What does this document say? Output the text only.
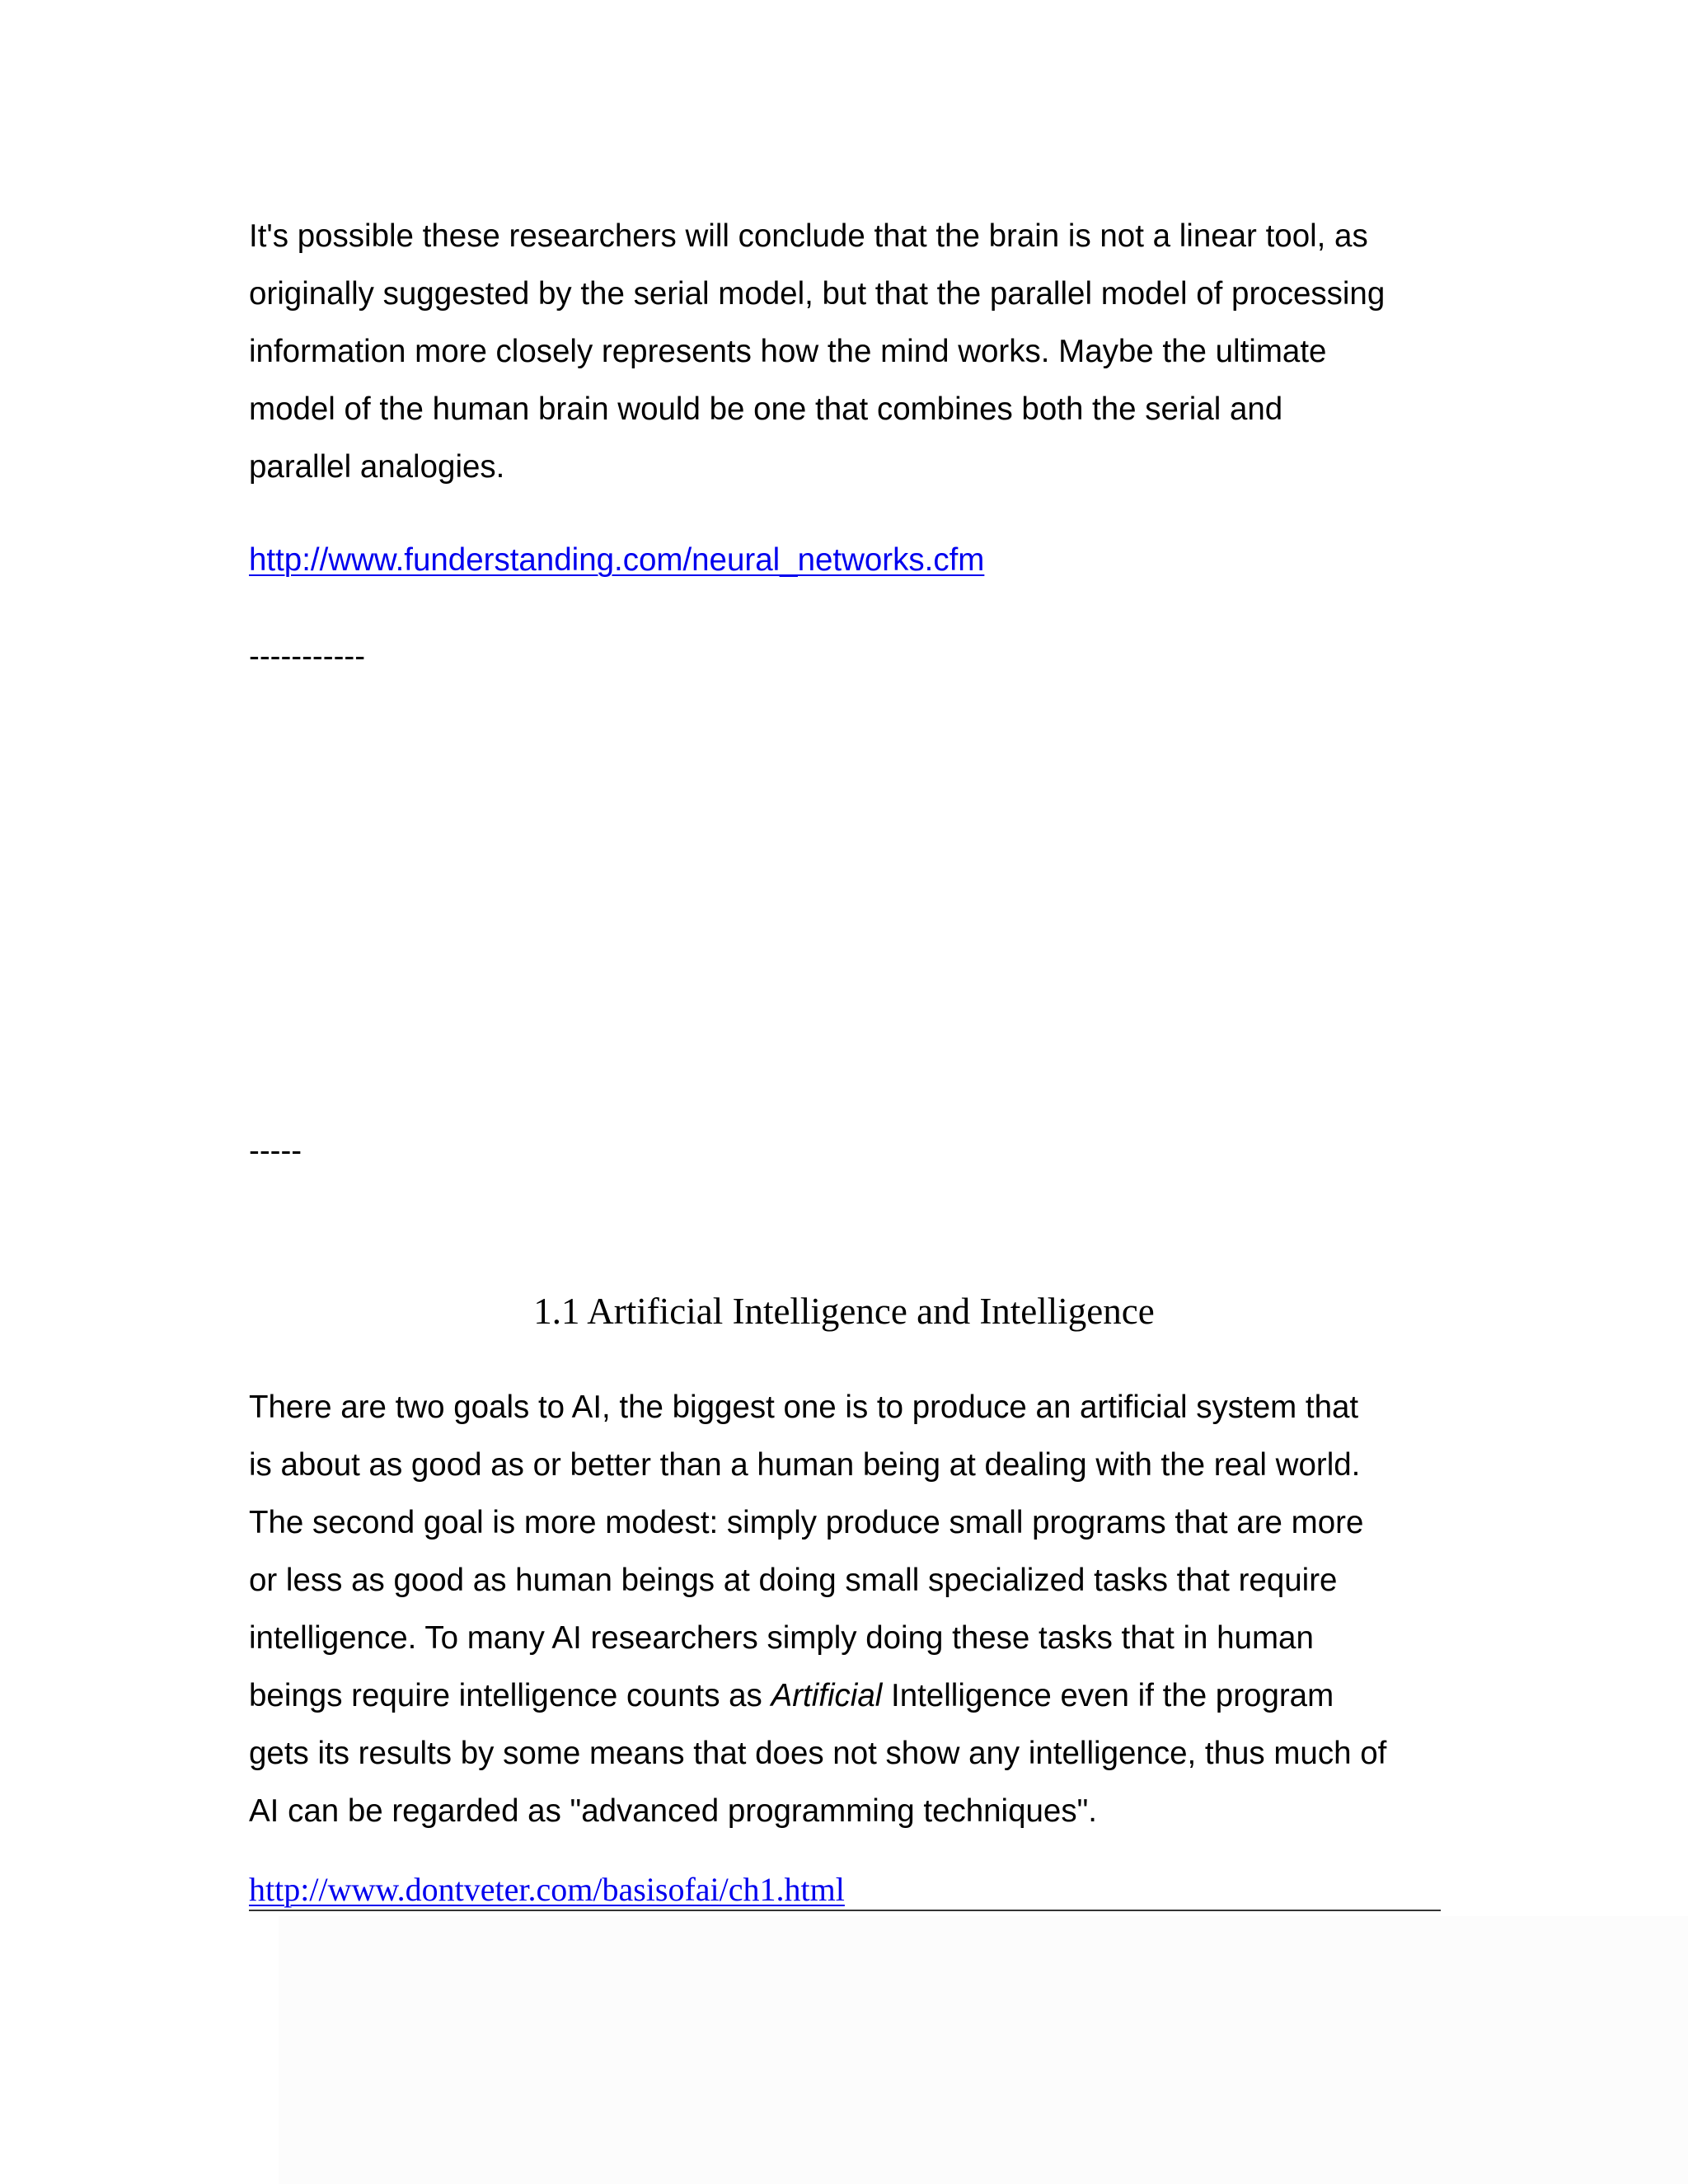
It's possible these researchers will conclude that the brain is not a linear tool, as
originally suggested by the serial model, but that the parallel model of processing
information more closely represents how the mind works. Maybe the ultimate
model of the human brain would be one that combines both the serial and
parallel analogies.

http://www.funderstanding.com/neural_networks.cfm
-----------
-----
1.1 Artificial Intelligence and Intelligence

There are two goals to AI, the biggest one is to produce an artificial system that
is about as good as or better than a human being at dealing with the real world.
The second goal is more modest: simply produce small programs that are more
or less as good as human beings at doing small specialized tasks that require
intelligence. To many AI researchers simply doing these tasks that in human
beings require intelligence counts as Artificial Intelligence even if the program
gets its results by some means that does not show any intelligence, thus much of
AI can be regarded as "advanced programming techniques".

http://www.dontveter.com/basisofai/ch1.html
